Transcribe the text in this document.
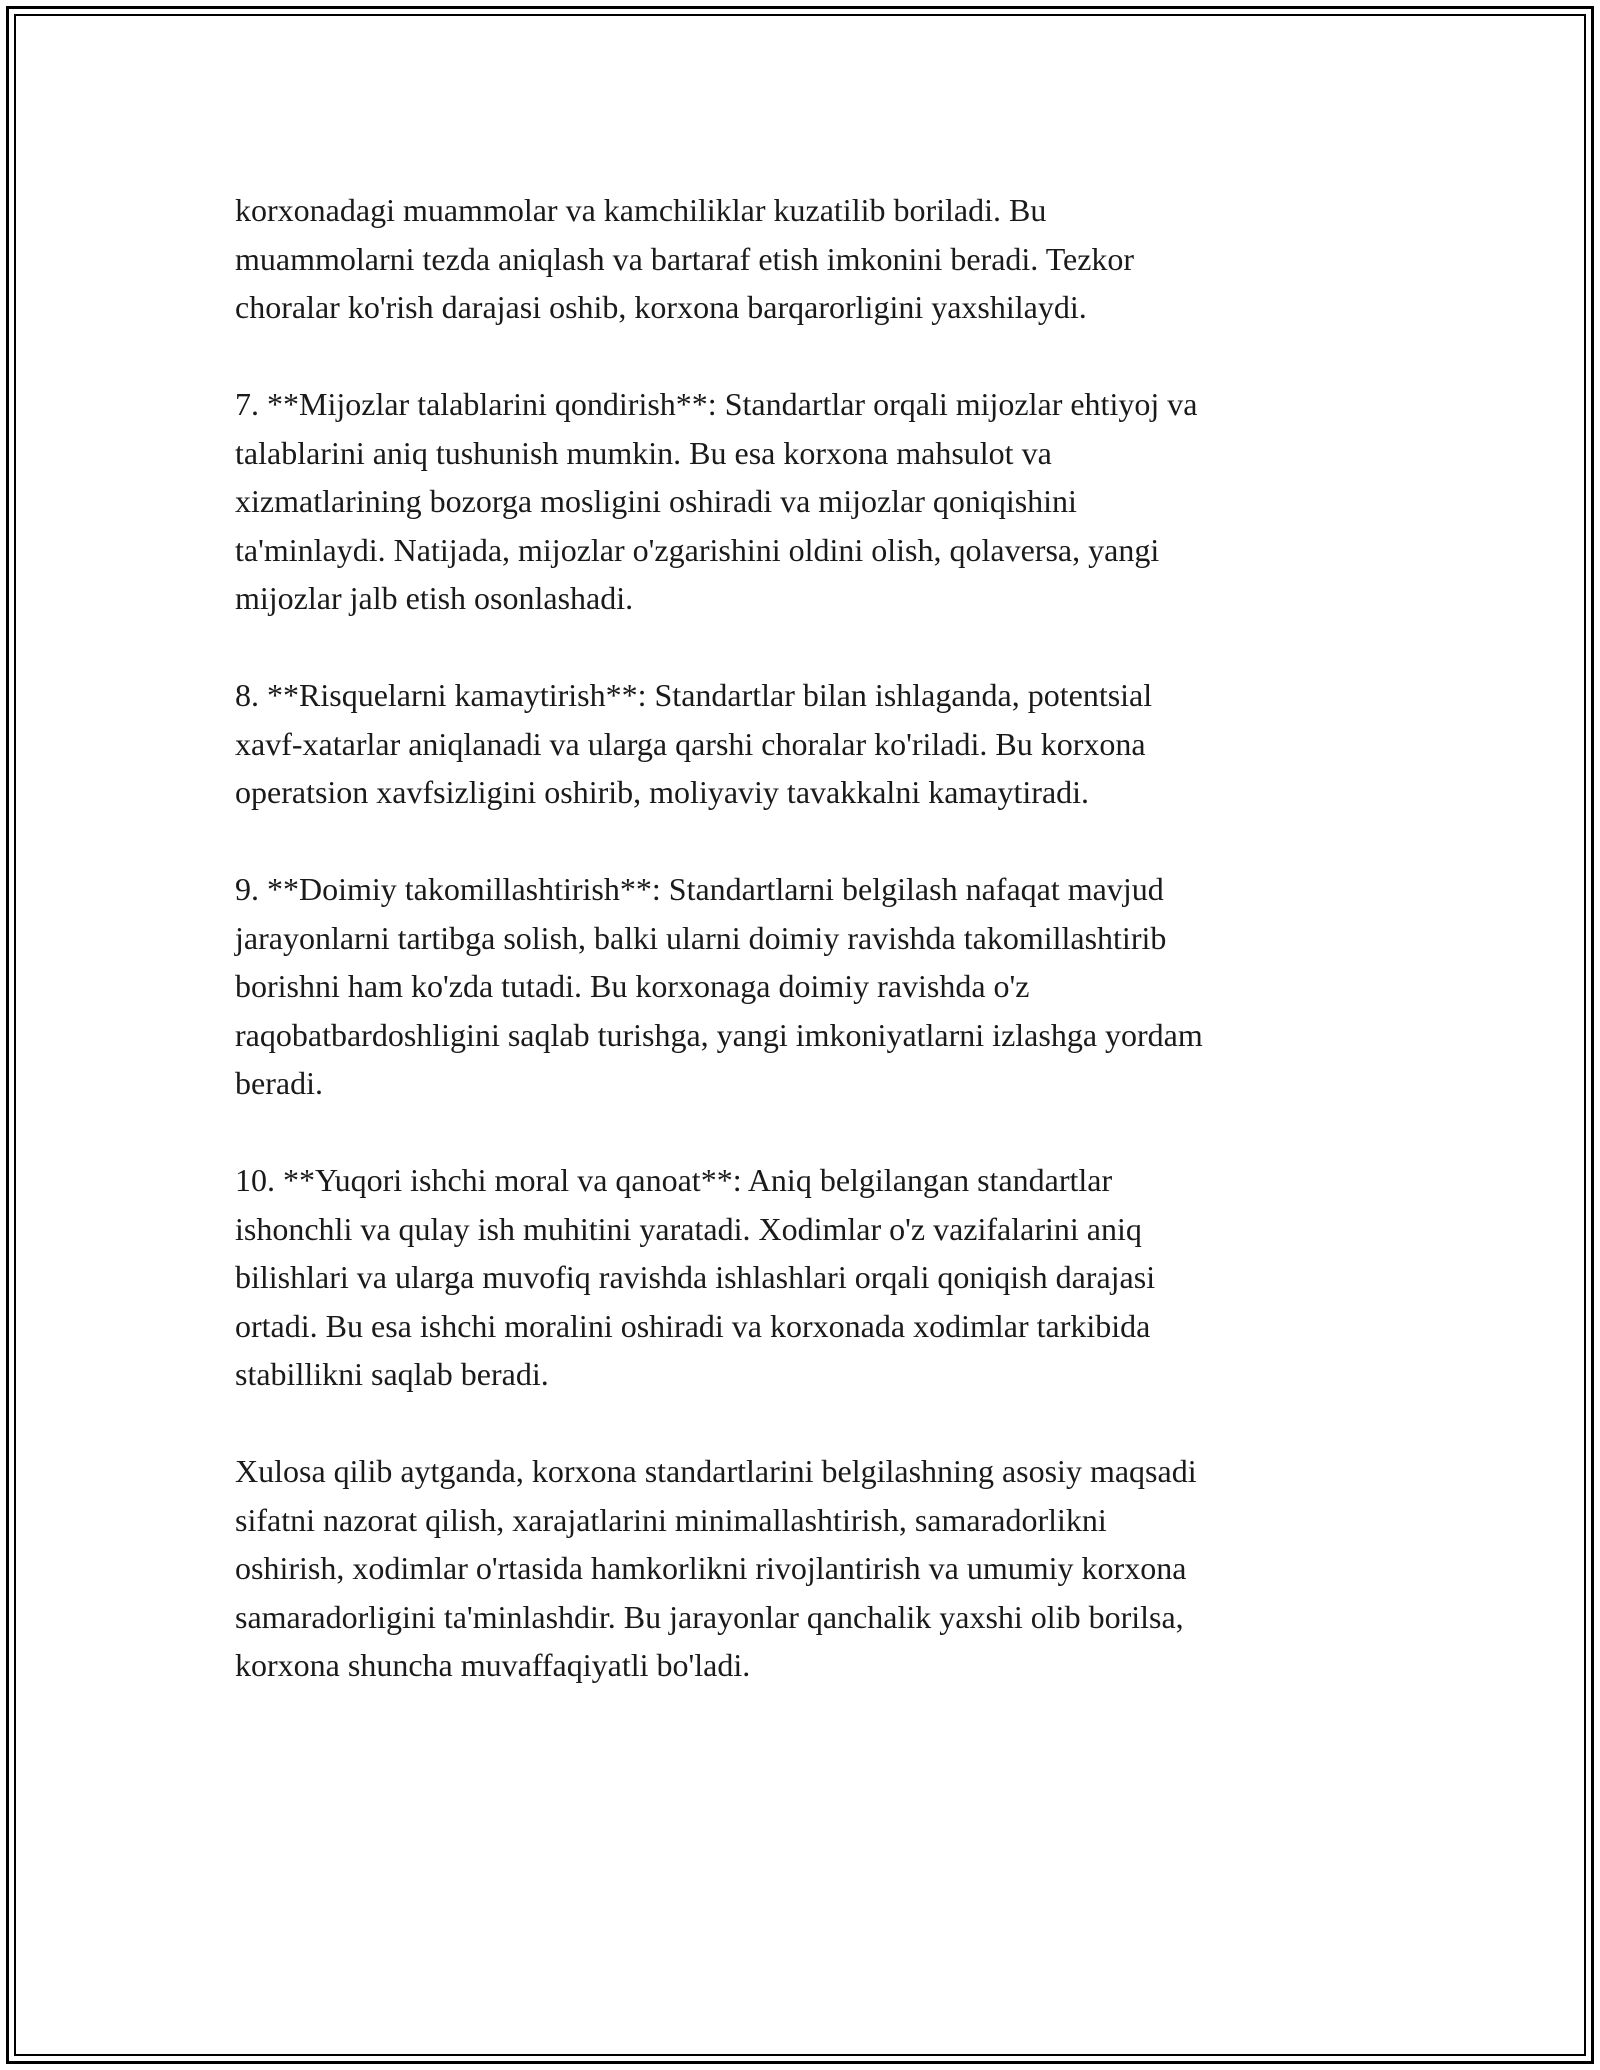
korxonadagi muammolar va kamchiliklar kuzatilib boriladi. Bu
muammolarni tezda aniqlash va bartaraf etish imkonini beradi. Tezkor
choralar ko'rish darajasi oshib, korxona barqarorligini yaxshilaydi.

7. **Mijozlar talablarini qondirish**: Standartlar orqali mijozlar ehtiyoj va
talablarini aniq tushunish mumkin. Bu esa korxona mahsulot va
xizmatlarining bozorga mosligini oshiradi va mijozlar qoniqishini
ta'minlaydi. Natijada, mijozlar o'zgarishini oldini olish, qolaversa, yangi
mijozlar jalb etish osonlashadi.

8. **Risquelarni kamaytirish**: Standartlar bilan ishlaganda, potentsial
xavf-xatarlar aniqlanadi va ularga qarshi choralar ko'riladi. Bu korxona
operatsion xavfsizligini oshirib, moliyaviy tavakkalni kamaytiradi.

9. **Doimiy takomillashtirish**: Standartlarni belgilash nafaqat mavjud
jarayonlarni tartibga solish, balki ularni doimiy ravishda takomillashtirib
borishni ham ko'zda tutadi. Bu korxonaga doimiy ravishda o'z
raqobatbardoshligini saqlab turishga, yangi imkoniyatlarni izlashga yordam
beradi.

10. **Yuqori ishchi moral va qanoat**: Aniq belgilangan standartlar
ishonchli va qulay ish muhitini yaratadi. Xodimlar o'z vazifalarini aniq
bilishlari va ularga muvofiq ravishda ishlashlari orqali qoniqish darajasi
ortadi. Bu esa ishchi moralini oshiradi va korxonada xodimlar tarkibida
stabillikni saqlab beradi.

Xulosa qilib aytganda, korxona standartlarini belgilashning asosiy maqsadi
sifatni nazorat qilish, xarajatlarini minimallashtirish, samaradorlikni
oshirish, xodimlar o'rtasida hamkorlikni rivojlantirish va umumiy korxona
samaradorligini ta'minlashdir. Bu jarayonlar qanchalik yaxshi olib borilsa,
korxona shuncha muvaffaqiyatli bo'ladi.
